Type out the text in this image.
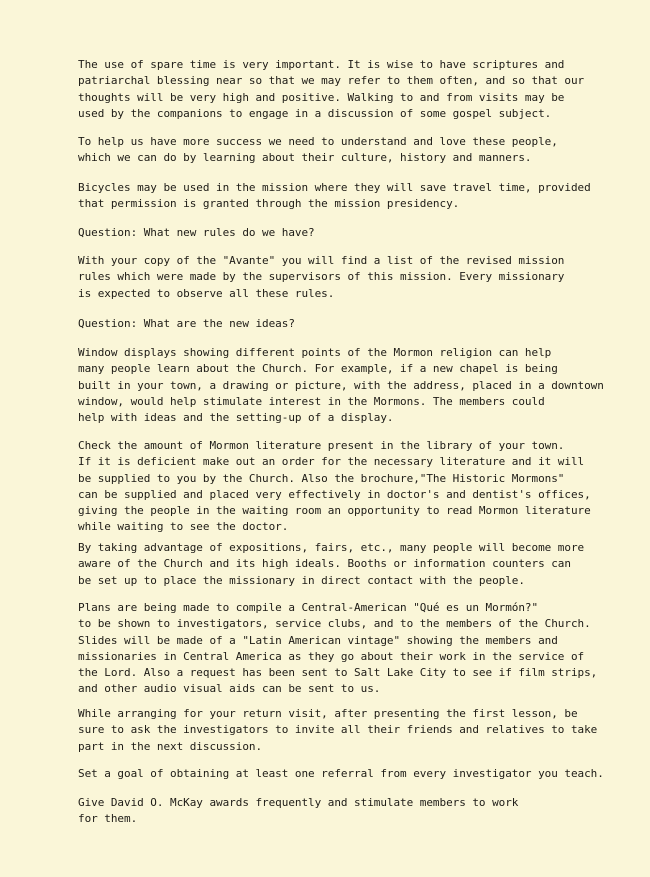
The use of spare time is very important. It is wise to have scriptures and
patriarchal blessing near so that we may refer to them often, and so that our
thoughts will be very high and positive. Walking to and from visits may be
used by the companions to engage in a discussion of some gospel subject.
To help us have more success we need to understand and love these people,
which we can do by learning about their culture, history and manners.
Bicycles may be used in the mission where they will save travel time, provided
that permission is granted through the mission presidency.
Question: What new rules do we have?
With your copy of the "Avante" you will find a list of the revised mission
rules which were made by the supervisors of this mission. Every missionary
is expected to observe all these rules.
Question: What are the new ideas?
Window displays showing different points of the Mormon religion can help
many people learn about the Church. For example, if a new chapel is being
built in your town, a drawing or picture, with the address, placed in a downtown
window, would help stimulate interest in the Mormons. The members could
help with ideas and the setting-up of a display.
Check the amount of Mormon literature present in the library of your town.
If it is deficient make out an order for the necessary literature and it will
be supplied to you by the Church. Also the brochure,"The Historic Mormons"
can be supplied and placed very effectively in doctor's and dentist's offices,
giving the people in the waiting room an opportunity to read Mormon literature
while waiting to see the doctor.
By taking advantage of expositions, fairs, etc., many people will become more
aware of the Church and its high ideals. Booths or information counters can
be set up to place the missionary in direct contact with the people.
Plans are being made to compile a Central-American "Qué es un Mormón?"
to be shown to investigators, service clubs, and to the members of the Church.
Slides will be made of a "Latin American vintage" showing the members and
missionaries in Central America as they go about their work in the service of
the Lord. Also a request has been sent to Salt Lake City to see if film strips,
and other audio visual aids can be sent to us.
While arranging for your return visit, after presenting the first lesson, be
sure to ask the investigators to invite all their friends and relatives to take
part in the next discussion.
Set a goal of obtaining at least one referral from every investigator you teach.
Give David O. McKay awards frequently and stimulate members to work
for them.
